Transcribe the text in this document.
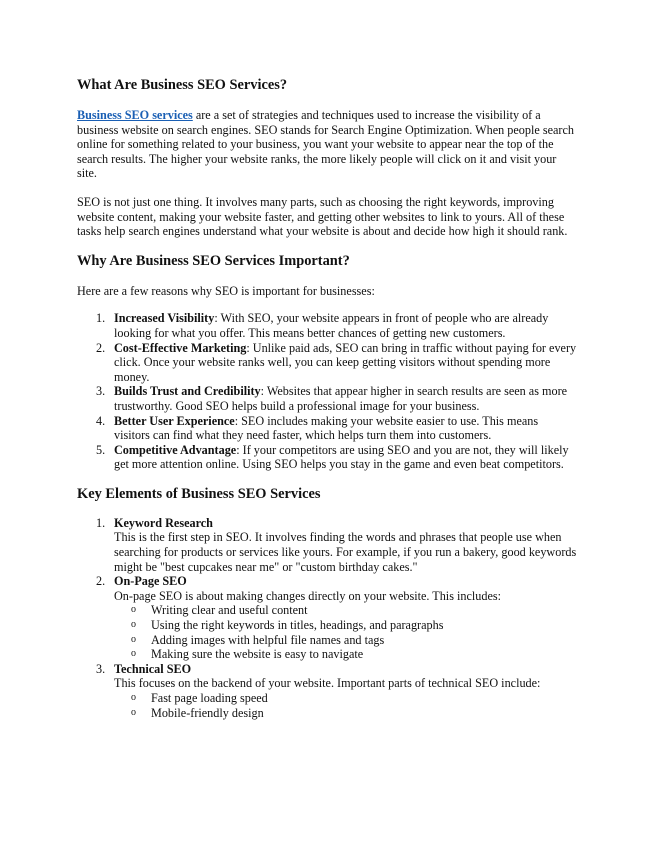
What Are Business SEO Services?

Business SEO services are a set of strategies and techniques used to increase the visibility of a business website on search engines. SEO stands for Search Engine Optimization. When people search online for something related to your business, you want your website to appear near the top of the search results. The higher your website ranks, the more likely people will click on it and visit your site.

SEO is not just one thing. It involves many parts, such as choosing the right keywords, improving website content, making your website faster, and getting other websites to link to yours. All of these tasks help search engines understand what your website is about and decide how high it should rank.

Why Are Business SEO Services Important?

Here are a few reasons why SEO is important for businesses:

1. Increased Visibility: With SEO, your website appears in front of people who are already looking for what you offer. This means better chances of getting new customers.
2. Cost-Effective Marketing: Unlike paid ads, SEO can bring in traffic without paying for every click. Once your website ranks well, you can keep getting visitors without spending more money.
3. Builds Trust and Credibility: Websites that appear higher in search results are seen as more trustworthy. Good SEO helps build a professional image for your business.
4. Better User Experience: SEO includes making your website easier to use. This means visitors can find what they need faster, which helps turn them into customers.
5. Competitive Advantage: If your competitors are using SEO and you are not, they will likely get more attention online. Using SEO helps you stay in the game and even beat competitors.
Key Elements of Business SEO Services
1. Keyword Research
This is the first step in SEO. It involves finding the words and phrases that people use when searching for products or services like yours. For example, if you run a bakery, good keywords might be "best cupcakes near me" or "custom birthday cakes."
2. On-Page SEO
On-page SEO is about making changes directly on your website. This includes:
o Writing clear and useful content
o Using the right keywords in titles, headings, and paragraphs
o Adding images with helpful file names and tags
o Making sure the website is easy to navigate
3. Technical SEO
This focuses on the backend of your website. Important parts of technical SEO include:
o Fast page loading speed
o Mobile-friendly design
